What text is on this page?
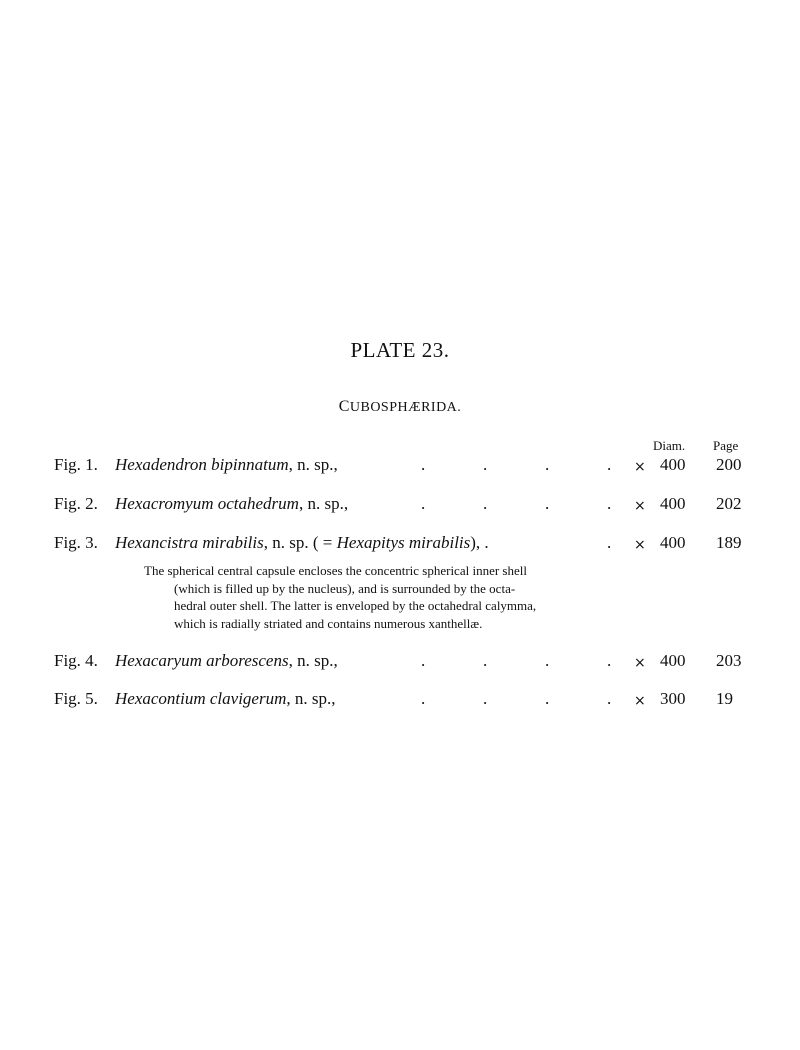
PLATE 23.
CUBOSPHÆRIDA.
Diam. Page
Fig. 1. Hexadendron bipinnatum, n. sp.,	.	.	.	. × 400 200
Fig. 2. Hexacromyum octahedrum, n. sp.,	.	.	.	. × 400 202
Fig. 3. Hexancistra mirabilis, n. sp. ( = Hexapitys mirabilis), .	. × 400 189
The spherical central capsule encloses the concentric spherical inner shell
(which is filled up by the nucleus), and is surrounded by the octa-
hedral outer shell. The latter is enveloped by the octahedral calymma,
which is radially striated and contains numerous xanthellæ.
Fig. 4. Hexacaryum arborescens, n. sp.,	.	.	.	. × 400 203
Fig. 5. Hexacontium clavigerum, n. sp.,	.	.	.	. × 300 19
